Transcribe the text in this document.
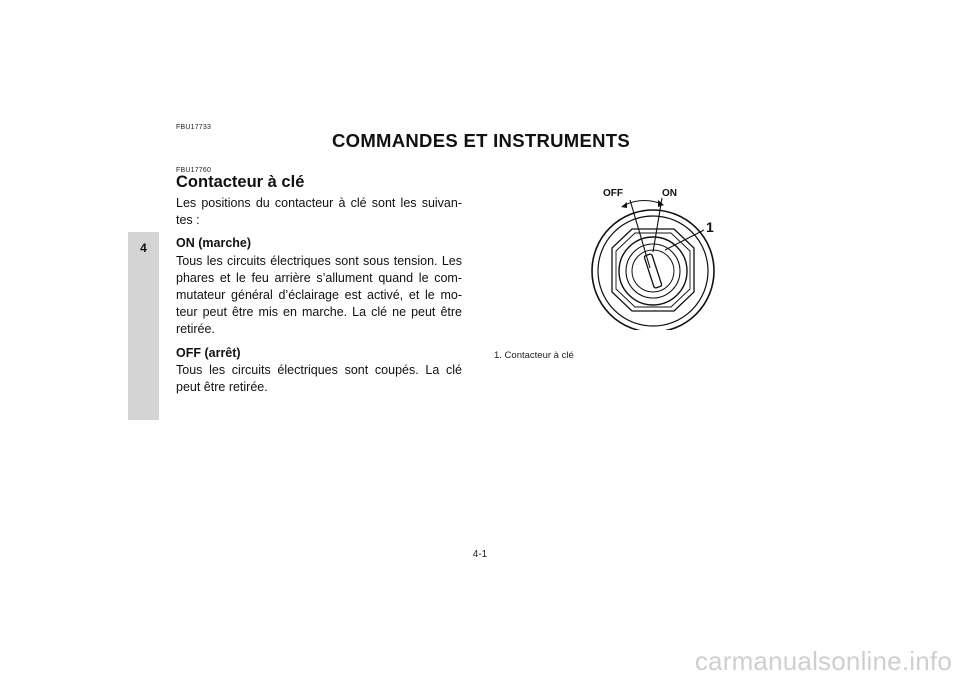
4
FBU17733
COMMANDES ET INSTRUMENTS
FBU17760
Contacteur à clé
Les positions du contacteur à clé sont les suivan-tes :
ON (marche)
Tous les circuits électriques sont sous tension. Les phares et le feu arrière s’allument quand le com-mutateur général d’éclairage est activé, et le mo-teur peut être mis en marche. La clé ne peut être retirée.
OFF (arrêt)
Tous les circuits électriques sont coupés. La clé peut être retirée.
OFF	ON
1
1. Contacteur à clé
4-1
carmanualsonline.info
